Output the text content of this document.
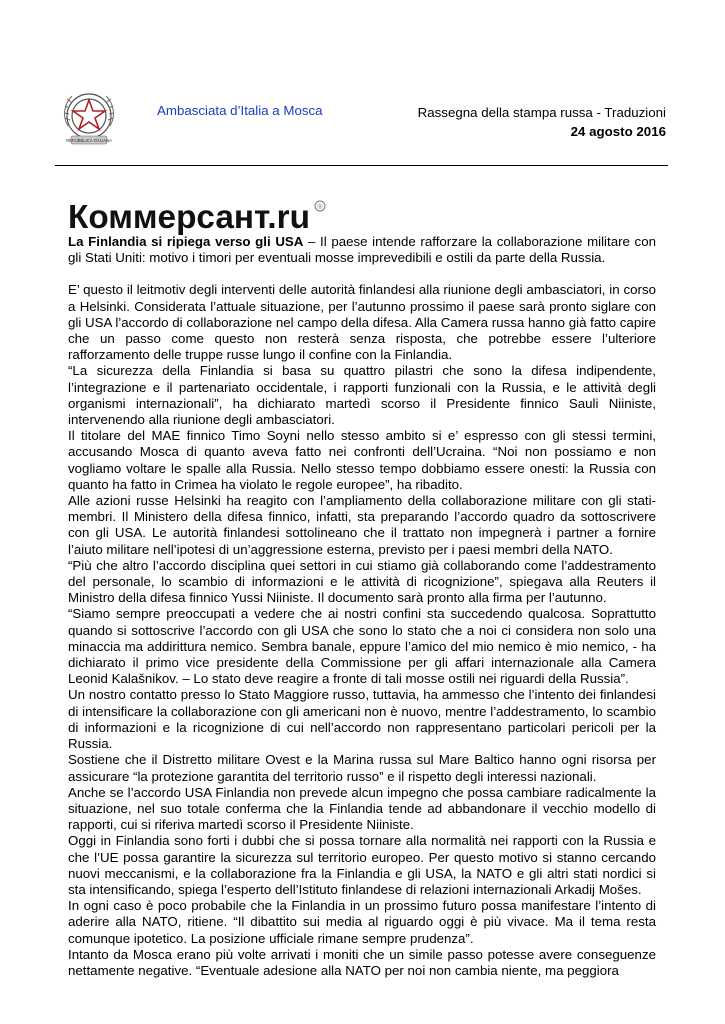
REPUBBLICA ITALIANA
Ambasciata d’Italia a Mosca	Rassegna della stampa russa - Traduzioni
24 agosto 2016
Коммерсант.ru ®

La Finlandia si ripiega verso gli USA – Il paese intende rafforzare la collaborazione militare con gli Stati Uniti: motivo i timori per eventuali mosse imprevedibili e ostili da parte della Russia.

E’ questo il leitmotiv degli interventi delle autorità finlandesi alla riunione degli ambasciatori, in corso a Helsinki. Considerata l’attuale situazione, per l’autunno prossimo il paese sarà pronto siglare con gli USA l’accordo di collaborazione nel campo della difesa. Alla Camera russa hanno già fatto capire che un passo come questo non resterà senza risposta, che potrebbe essere l’ulteriore rafforzamento delle truppe russe lungo il confine con la Finlandia.

“La sicurezza della Finlandia si basa su quattro pilastri che sono la difesa indipendente, l’integrazione e il partenariato occidentale, i rapporti funzionali con la Russia, e le attività degli organismi internazionali”, ha dichiarato martedì scorso il Presidente finnico Sauli Niiniste, intervenendo alla riunione degli ambasciatori.

Il titolare del MAE finnico Timo Soyni nello stesso ambito si e’ espresso con gli stessi termini, accusando Mosca di quanto aveva fatto nei confronti dell’Ucraina. “Noi non possiamo e non vogliamo voltare le spalle alla Russia. Nello stesso tempo dobbiamo essere onesti: la Russia con quanto ha fatto in Crimea ha violato le regole europee”, ha ribadito.

Alle azioni russe Helsinki ha reagito con l’ampliamento della collaborazione militare con gli stati-membri. Il Ministero della difesa finnico, infatti, sta preparando l’accordo quadro da sottoscrivere con gli USA. Le autorità finlandesi sottolineano che il trattato non impegnerà i partner a fornire l’aiuto militare nell’ipotesi di un’aggressione esterna, previsto per i paesi membri della NATO.

“Più che altro l’accordo disciplina quei settori in cui stiamo già collaborando come l’addestramento del personale, lo scambio di informazioni e le attività di ricognizione”, spiegava alla Reuters il Ministro della difesa finnico Yussi Niiniste. Il documento sarà pronto alla firma per l’autunno.

“Siamo sempre preoccupati a vedere che ai nostri confini sta succedendo qualcosa. Soprattutto quando si sottoscrive l’accordo con gli USA che sono lo stato che a noi ci considera non solo una minaccia ma addirittura nemico. Sembra banale, eppure l’amico del mio nemico è mio nemico, - ha dichiarato il primo vice presidente della Commissione per gli affari internazionale alla Camera Leonid Kalašnikov. – Lo stato deve reagire a fronte di tali mosse ostili nei riguardi della Russia”.

Un nostro contatto presso lo Stato Maggiore russo, tuttavia, ha ammesso che l’intento dei finlandesi di intensificare la collaborazione con gli americani non è nuovo, mentre l’addestramento, lo scambio di informazioni e la ricognizione di cui nell’accordo non rappresentano particolari pericoli per la Russia.

Sostiene che il Distretto militare Ovest e la Marina russa sul Mare Baltico hanno ogni risorsa per assicurare “la protezione garantita del territorio russo” e il rispetto degli interessi nazionali.

Anche se l’accordo USA Finlandia non prevede alcun impegno che possa cambiare radicalmente la situazione, nel suo totale conferma che la Finlandia tende ad abbandonare il vecchio modello di rapporti, cui si riferiva martedì scorso il Presidente Niiniste.

Oggi in Finlandia sono forti i dubbi che si possa tornare alla normalità nei rapporti con la Russia e che l’UE possa garantire la sicurezza sul territorio europeo. Per questo motivo si stanno cercando nuovi meccanismi, e la collaborazione fra la Finlandia e gli USA, la NATO e gli altri stati nordici si sta intensificando, spiega l’esperto dell’Istituto finlandese di relazioni internazionali Arkadij Mošes.

In ogni caso è poco probabile che la Finlandia in un prossimo futuro possa manifestare l’intento di aderire alla NATO, ritiene. “Il dibattito sui media al riguardo oggi è più vivace. Ma il tema resta comunque ipotetico. La posizione ufficiale rimane sempre prudenza”.

Intanto da Mosca erano più volte arrivati i moniti che un simile passo potesse avere conseguenze nettamente negative. “Eventuale adesione alla NATO per noi non cambia niente, ma peggiora
